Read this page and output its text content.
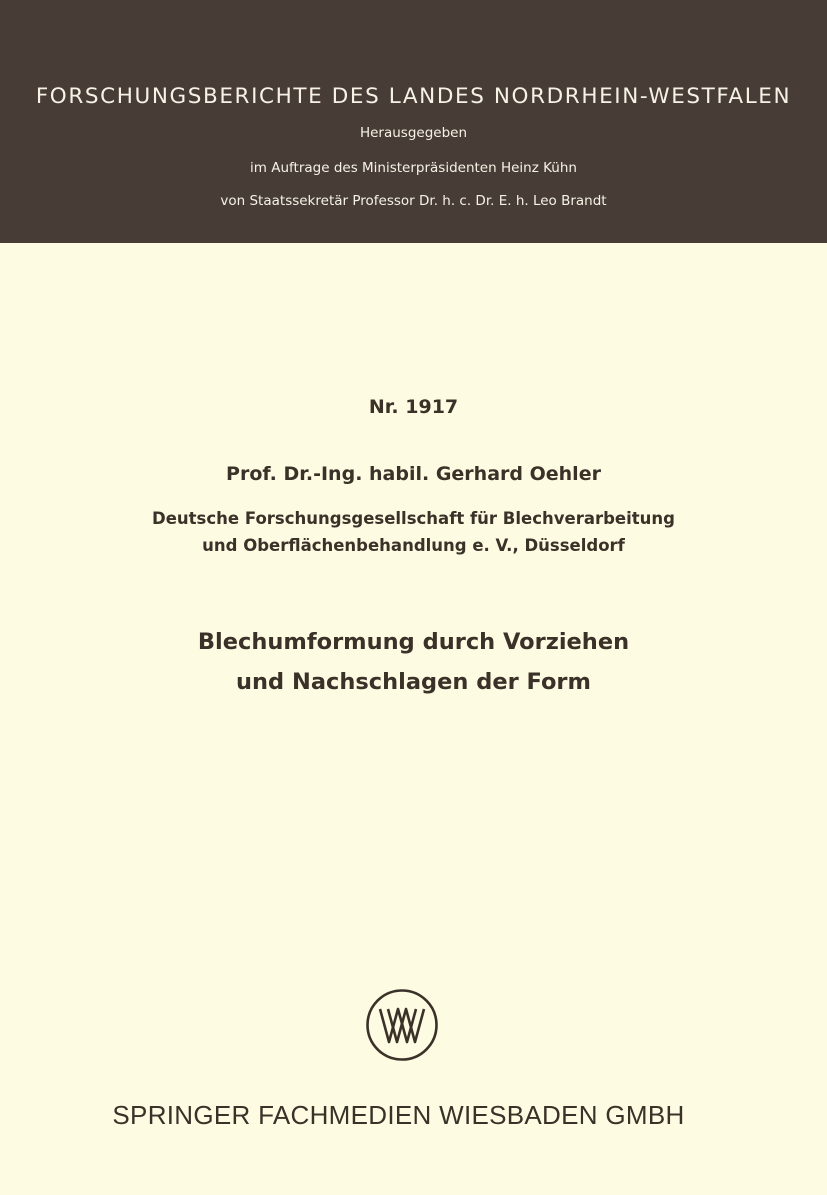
FORSCHUNGSBERICHTE DES LANDES NORDRHEIN-WESTFALEN
Herausgegeben
im Auftrage des Ministerpräsidenten Heinz Kühn
von Staatssekretär Professor Dr. h. c. Dr. E. h. Leo Brandt
Nr. 1917
Prof. Dr.-Ing. habil. Gerhard Oehler
Deutsche Forschungsgesellschaft für Blechverarbeitung
und Oberflächenbehandlung e. V., Düsseldorf
Blechumformung durch Vorziehen
und Nachschlagen der Form
SPRINGER FACHMEDIEN WIESBADEN GMBH
